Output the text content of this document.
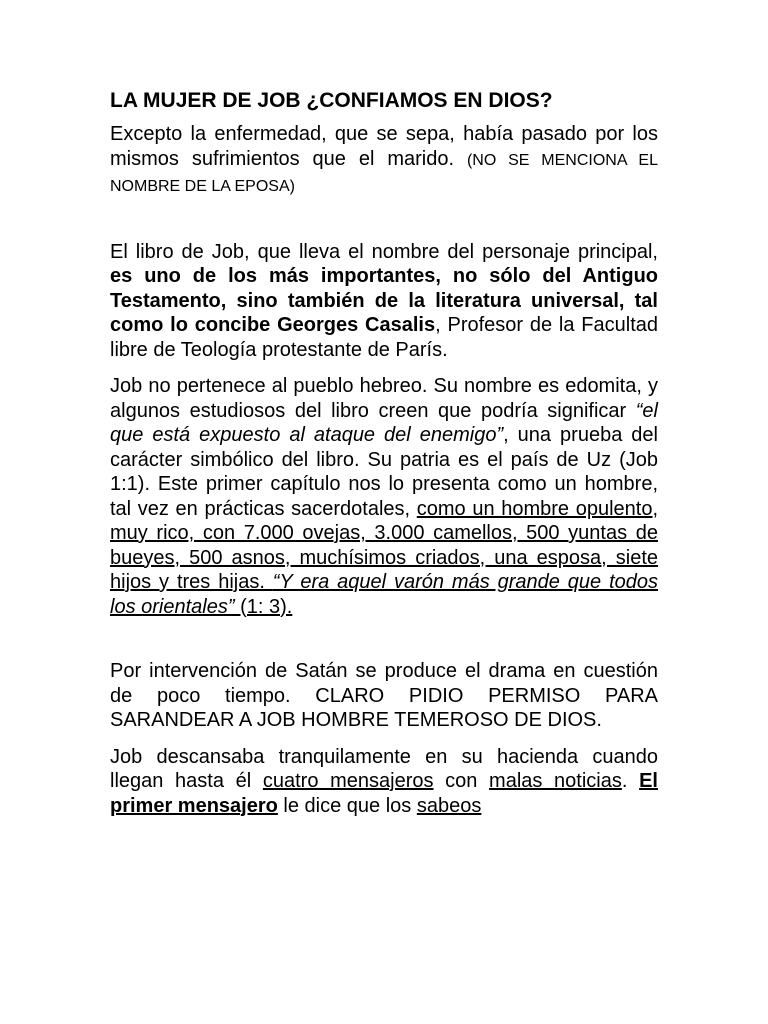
LA MUJER DE JOB ¿CONFIAMOS EN DIOS?

Excepto la enfermedad, que se sepa, había pasado por los mismos sufrimientos que el marido. (NO SE MENCIONA EL NOMBRE DE LA EPOSA)

El libro de Job, que lleva el nombre del personaje principal, es uno de los más importantes, no sólo del Antiguo Testamento, sino también de la literatura universal, tal como lo concibe Georges Casalis, Profesor de la Facultad libre de Teología protestante de París.

Job no pertenece al pueblo hebreo. Su nombre es edomita, y algunos estudiosos del libro creen que podría significar “el que está expuesto al ataque del enemigo”, una prueba del carácter simbólico del libro. Su patria es el país de Uz (Job 1:1). Este primer capítulo nos lo presenta como un hombre, tal vez en prácticas sacerdotales, como un hombre opulento, muy rico, con 7.000 ovejas, 3.000 camellos, 500 yuntas de bueyes, 500 asnos, muchísimos criados, una esposa, siete hijos y tres hijas. “Y era aquel varón más grande que todos los orientales” (1: 3).

Por intervención de Satán se produce el drama en cuestión de poco tiempo. CLARO PIDIO PERMISO PARA SARANDEAR A JOB HOMBRE TEMEROSO DE DIOS.

Job descansaba tranquilamente en su hacienda cuando llegan hasta él cuatro mensajeros con malas noticias. El primer mensajero le dice que los sabeos
